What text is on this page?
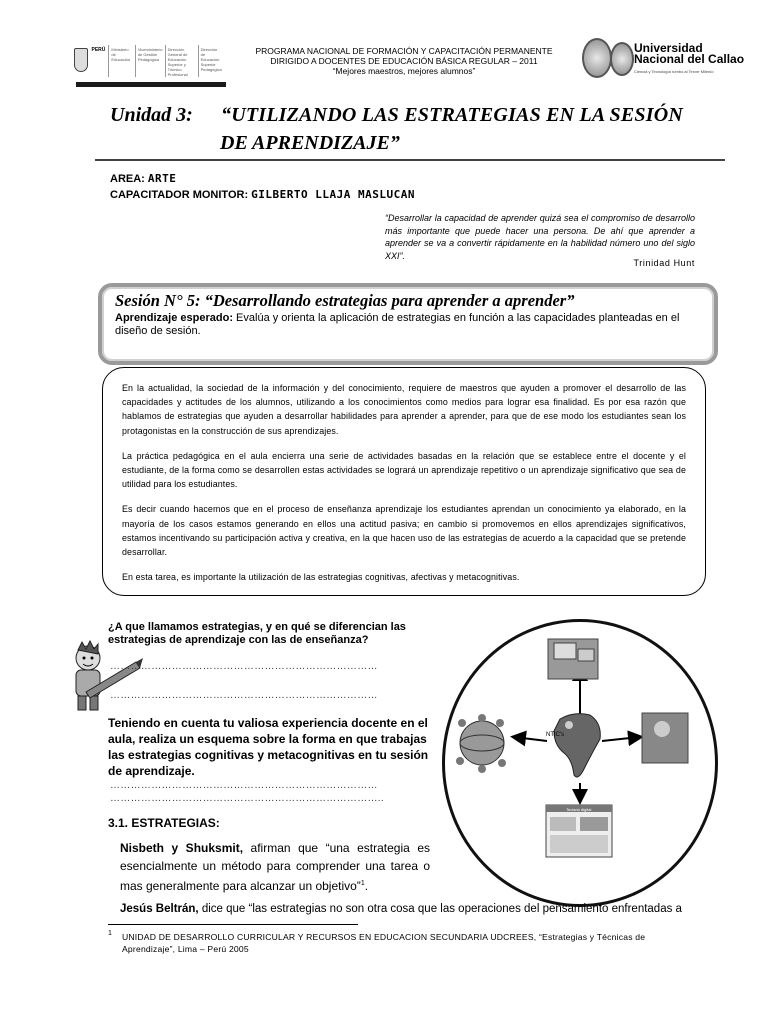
PERÚ	Ministerio de Educación
Viceministerio de Gestión Pedagógica
Dirección General de Educación Superior y Técnico Profesional
Dirección de Educación Superior Pedagógica
PROGRAMA NACIONAL DE FORMACIÓN Y CAPACITACIÓN PERMANENTE
DIRIGIDO A DOCENTES DE EDUCACIÓN BÁSICA REGULAR – 2011
“Mejores maestros, mejores alumnos”
Universidad
Nacional del Callao
Ciencia y Tecnología rumbo al Tercer Milenio
Unidad 3: “UTILIZANDO LAS ESTRATEGIAS EN LA SESIÓN
DE APRENDIZAJE”
AREA: ARTE
CAPACITADOR MONITOR: GILBERTO LLAJA MASLUCAN
“Desarrollar la capacidad de aprender quizá sea el compromiso de desarrollo más importante que puede hacer una persona. De ahí que aprender a aprender se va a convertir rápidamente en la habilidad número uno del siglo XXI”.
Trinidad Hunt
Sesión N° 5: “Desarrollando estrategias para aprender a aprender”
Aprendizaje esperado: Evalúa y orienta la aplicación de estrategias en función a las capacidades planteadas en el diseño de sesión.

En la actualidad, la sociedad de la información y del conocimiento, requiere de maestros que ayuden a promover el desarrollo de las capacidades y actitudes de los alumnos, utilizando a los conocimientos como medios para lograr esa finalidad. Es por esa razón que hablamos de estrategias que ayuden a desarrollar habilidades para aprender a aprender, para que de ese modo los estudiantes sean los protagonistas en la construcción de sus aprendizajes.

La práctica pedagógica en el aula encierra una serie de actividades basadas en la relación que se establece entre el docente y el estudiante, de la forma como se desarrollen estas actividades se logrará un aprendizaje repetitivo o un aprendizaje significativo que sea de utilidad para los estudiantes.

Es decir cuando hacemos que en el proceso de enseñanza aprendizaje los estudiantes aprendan un conocimiento ya elaborado, en la mayoría de los casos estamos generando en ellos una actitud pasiva; en cambio si promovemos en ellos aprendizajes significativos, estamos incentivando su participación activa y creativa, en la que hacen uso de las estrategias de acuerdo a la capacidad que se pretende desarrollar.

En esta tarea, es importante la utilización de las estrategias cognitivas, afectivas y metacognitivas.

¿A que llamamos estrategias, y en qué se diferencian las estrategias de aprendizaje con las de enseñanza?
……………………………………………………………………
……………………………………………………………………
Teniendo en cuenta tu valiosa experiencia docente en el aula, realiza un esquema sobre la forma en que trabajas las estrategias cognitivas y metacognitivas en tu sesión de aprendizaje.
……………………………………………………………………
……………………………………………………………………..
NTIC's
Teclado digital
3.1. ESTRATEGIAS:
Nisbeth y Shuksmit, afirman que “una estrategia es esencialmente un método para comprender una tarea o mas generalmente para alcanzar un objetivo”$^1$.
Jesús Beltrán, dice que “las estrategias no son otra cosa que las operaciones del pensamiento enfrentadas a
1 UNIDAD DE DESARROLLO CURRICULAR Y RECURSOS EN EDUCACION SECUNDARIA UDCREES, “Estrategias y Técnicas de Aprendizaje”, Lima – Perú 2005
